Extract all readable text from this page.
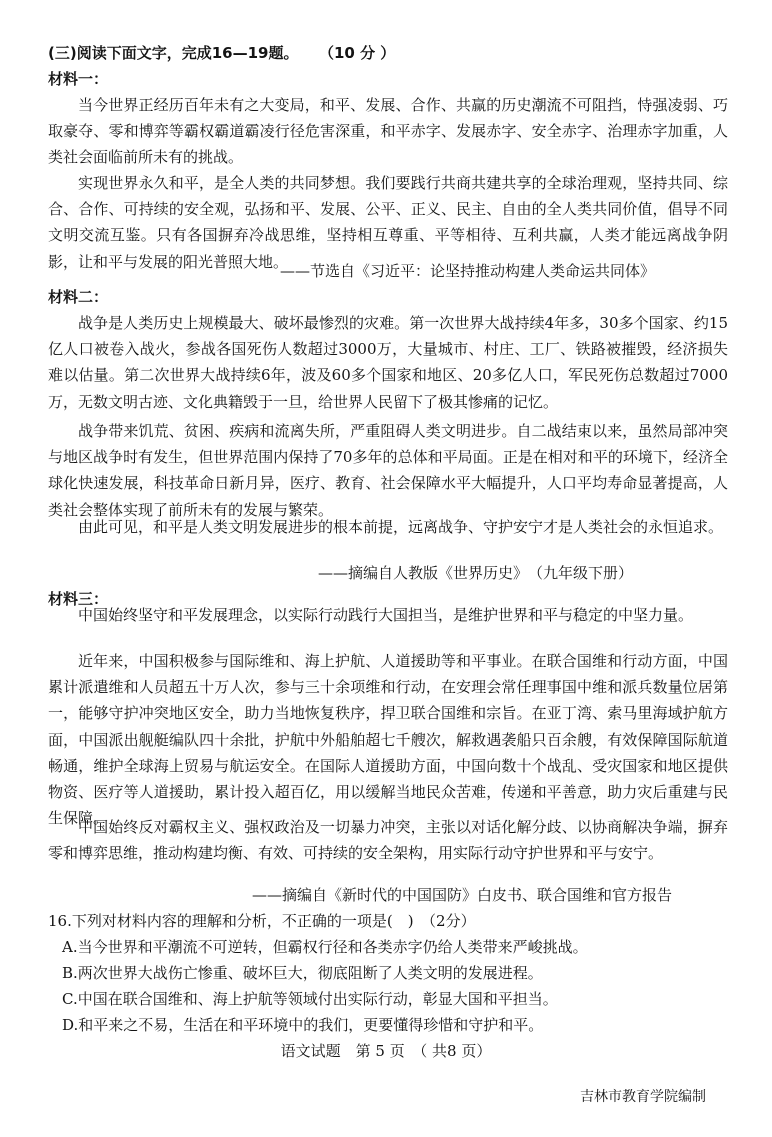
(三)阅读下面文字，完成16—19题。 （10 分 ）
材料一：
当今世界正经历百年未有之大变局，和平、发展、合作、共赢的历史潮流不可阻挡，恃强凌弱、巧取豪夺、零和博弈等霸权霸道霸凌行径危害深重，和平赤字、发展赤字、安全赤字、治理赤字加重，人类社会面临前所未有的挑战。
实现世界永久和平，是全人类的共同梦想。我们要践行共商共建共享的全球治理观，坚持共同、综合、合作、可持续的安全观，弘扬和平、发展、公平、正义、民主、自由的全人类共同价值，倡导不同文明交流互鉴。只有各国摒弃冷战思维，坚持相互尊重、平等相待、互利共赢，人类才能远离战争阴影，让和平与发展的阳光普照大地。
——节选自《习近平：论坚持推动构建人类命运共同体》
材料二：
战争是人类历史上规模最大、破坏最惨烈的灾难。第一次世界大战持续4年多，30多个国家、约15亿人口被卷入战火，参战各国死伤人数超过3000万，大量城市、村庄、工厂、铁路被摧毁，经济损失难以估量。第二次世界大战持续6年，波及60多个国家和地区、20多亿人口，军民死伤总数超过7000万，无数文明古迹、文化典籍毁于一旦，给世界人民留下了极其惨痛的记忆。
战争带来饥荒、贫困、疾病和流离失所，严重阻碍人类文明进步。自二战结束以来，虽然局部冲突与地区战争时有发生，但世界范围内保持了70多年的总体和平局面。正是在相对和平的环境下，经济全球化快速发展，科技革命日新月异，医疗、教育、社会保障水平大幅提升，人口平均寿命显著提高，人类社会整体实现了前所未有的发展与繁荣。
由此可见，和平是人类文明发展进步的根本前提，远离战争、守护安宁才是人类社会的永恒追求。
——摘编自人教版《世界历史》　（九年级下册）
材料三：
中国始终坚守和平发展理念，以实际行动践行大国担当，是维护世界和平与稳定的中坚力量。
近年来，中国积极参与国际维和、海上护航、人道援助等和平事业。在联合国维和行动方面，中国累计派遣维和人员超五十万人次，参与三十余项维和行动，在安理会常任理事国中维和派兵数量位居第一，能够守护冲突地区安全，助力当地恢复秩序，捍卫联合国维和宗旨。在亚丁湾、索马里海域护航方面，中国派出舰艇编队四十余批，护航中外船舶超七千艘次，解救遇袭船只百余艘，有效保障国际航道畅通，维护全球海上贸易与航运安全。在国际人道援助方面，中国向数十个战乱、受灾国家和地区提供物资、医疗等人道援助，累计投入超百亿，用以缓解当地民众苦难，传递和平善意，助力灾后重建与民生保障。
中国始终反对霸权主义、强权政治及一切暴力冲突，主张以对话化解分歧、以协商解决争端，摒弃零和博弈思维，推动构建均衡、有效、可持续的安全架构，用实际行动守护世界和平与安宁。
——摘编自《新时代的中国国防》白皮书、联合国维和官方报告
16.下列对材料内容的理解和分析，不正确的一项是(　)　（2分）
A.当今世界和平潮流不可逆转，但霸权行径和各类赤字仍给人类带来严峻挑战。
B.两次世界大战伤亡惨重、破坏巨大，彻底阻断了人类文明的发展进程。
C.中国在联合国维和、海上护航等领域付出实际行动，彰显大国和平担当。
D.和平来之不易，生活在和平环境中的我们，更要懂得珍惜和守护和平。
语文试题　第 5 页　（ 共8 页）
吉林市教育学院编制
